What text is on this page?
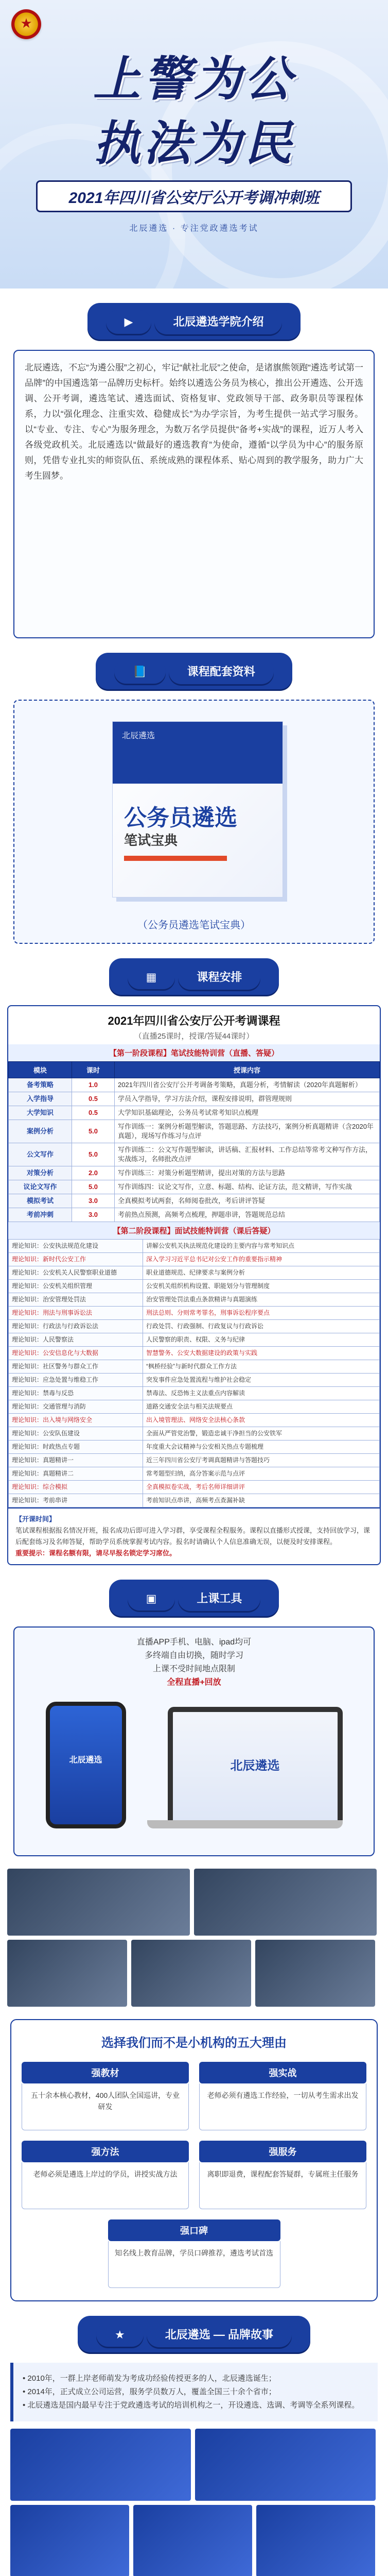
★
上警为公
执法为民
2021年四川省公安厅公开考调冲刺班
北辰遴选 · 专注党政遴选考试
▶	北辰遴选学院介绍
北辰遴选，不忘“为遴公服”之初心，牢记“献社北辰”之使命，是诸旗熊领跑“遴选考试第一品牌”的中国遴选第一品牌历史标杆。始终以遴选公务员为核心，推出公开遴选、公开选调、公开考调，遴选笔试、遴选面试、资格复审、党政领导干部、政务职员等课程体系，力以“强化理念、注重实效、稳健成长”为办学宗旨，为考生提供一站式学习服务。以“专业、专注、专心”为服务理念，为数万名学员提供“备考+实战”的课程，近万人考入各级党政机关。北辰遴选以“做最好的遴选教育”为使命，遵循“以学员为中心”的服务原则，凭借专业扎实的师资队伍、系统成熟的课程体系、贴心周到的教学服务，助力广大考生圆梦。
📘	课程配套资料
北辰遴选
公务员遴选
笔试宝典
（公务员遴选笔试宝典）
▦	课程安排
2021年四川省公安厅公开考调课程
（直播25课时，授课/答疑44课时）
【第一阶段课程】笔试技能特训营（直播、答疑）
模块	课时	授课内容
备考策略	1.0	2021年四川省公安厅公开考调备考策略，真题分析，考情解读（2020年真题解析）
入学指导	0.5	学员入学指导，学习方法介绍，课程安排说明，群管理规则
大学知识	0.5	大学知识基础理论，公务员考试常考知识点梳理
案例分析	5.0	写作训练一：案例分析题型解读，答题思路、方法技巧，案例分析真题精讲（含2020年真题），现场写作练习与点评
公文写作	5.0	写作训练二：公文写作题型解读，讲话稿、汇报材料、工作总结等常考文种写作方法，实战练习，名师批改点评
对策分析	2.0	写作训练三：对策分析题型精讲，提出对策的方法与思路
议论文写作	5.0	写作训练四：议论文写作，立意、标题、结构、论证方法，范文精讲，写作实战
模拟考试	3.0	全真模拟考试两套，名师阅卷批改，考后讲评答疑
考前冲刺	3.0	考前热点预测，高频考点梳理，押题串讲，答题规范总结
【第二阶段课程】面试技能特训营（课后答疑）
理论知识：公安执法规范化建设	讲解公安机关执法规范化建设的主要内容与常考知识点
理论知识：新时代公安工作	深入学习习近平总书记对公安工作的重要指示精神
理论知识：公安机关人民警察职业道德	职业道德规范、纪律要求与案例分析
理论知识：公安机关组织管理	公安机关组织机构设置、职能划分与管理制度
理论知识：治安管理处罚法	治安管理处罚法重点条款精讲与真题演练
理论知识：刑法与刑事诉讼法	刑法总则、分则常考罪名，刑事诉讼程序要点
理论知识：行政法与行政诉讼法	行政处罚、行政强制、行政复议与行政诉讼
理论知识：人民警察法	人民警察的职责、权限、义务与纪律
理论知识：公安信息化与大数据	智慧警务、公安大数据建设的政策与实践
理论知识：社区警务与群众工作	“枫桥经验”与新时代群众工作方法
理论知识：应急处置与维稳工作	突发事件应急处置流程与维护社会稳定
理论知识：禁毒与反恐	禁毒法、反恐怖主义法重点内容解读
理论知识：交通管理与消防	道路交通安全法与相关法规要点
理论知识：出入境与网络安全	出入境管理法、网络安全法核心条款
理论知识：公安队伍建设	全面从严管党治警，锻造忠诚干净担当的公安铁军
理论知识：时政热点专题	年度重大会议精神与公安相关热点专题梳理
理论知识：真题精讲一	近三年四川省公安厅考调真题精讲与答题技巧
理论知识：真题精讲二	常考题型归纳，高分答案示范与点评
理论知识：综合模拟	全真模拟卷实战，考后名师详细讲评
理论知识：考前串讲	考前知识点串讲，高频考点查漏补缺
【开课时间】
笔试课程根据报名情况开班，报名成功后即可进入学习群，享受课程全程服务。课程以直播形式授课，支持回放学习，课后配套练习及名师答疑，帮助学员系统掌握考试内容。报名时请确认个人信息准确无误，以便及时安排课程。
重要提示：课程名额有限，请尽早报名锁定学习席位。
▣	上课工具
直播APP手机、电脑、ipad均可
多终端自由切换，随时学习
上课不受时间地点限制
全程直播+回放
北辰遴选	北辰遴选
选择我们而不是小机构的五大理由
强教材
五十余本核心教材，400人团队全国巡讲，专业研发
强实战
老师必须有遴选工作经验，一切从考生需求出发
强方法
老师必须是遴选上岸过的学员，讲授实战方法
强服务
离职即退费，课程配套答疑群，专属班主任服务
强口碑
知名线上教育品牌，学员口碑推荐，遴选考试首选
★	北辰遴选 — 品牌故事
• 2010年，一群上岸老师萌发为考成功经验传授更多的人，北辰遴选诞生；
• 2014年，正式成立公司运营，服务学员数万人，覆盖全国三十余个省市；
• 北辰遴选是国内最早专注于党政遴选考试的培训机构之一，开设遴选、选调、考调等全系列课程。
